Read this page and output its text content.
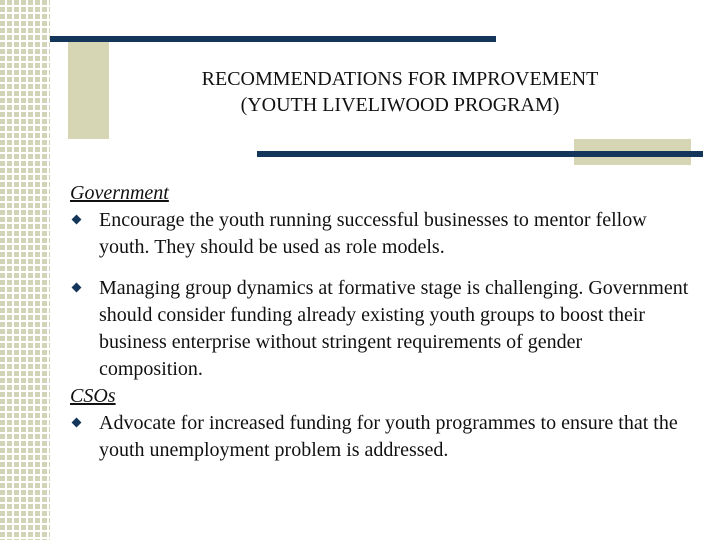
RECOMMENDATIONS FOR IMPROVEMENT
(YOUTH LIVELIWOOD PROGRAM)
Government
Encourage the youth running successful businesses to mentor fellow youth. They should be used as role models.
Managing group dynamics at formative stage is challenging. Government should consider funding already existing youth groups to boost their business enterprise without stringent requirements of gender composition.
CSOs
Advocate for increased funding for youth programmes to ensure that the youth unemployment problem is addressed.
